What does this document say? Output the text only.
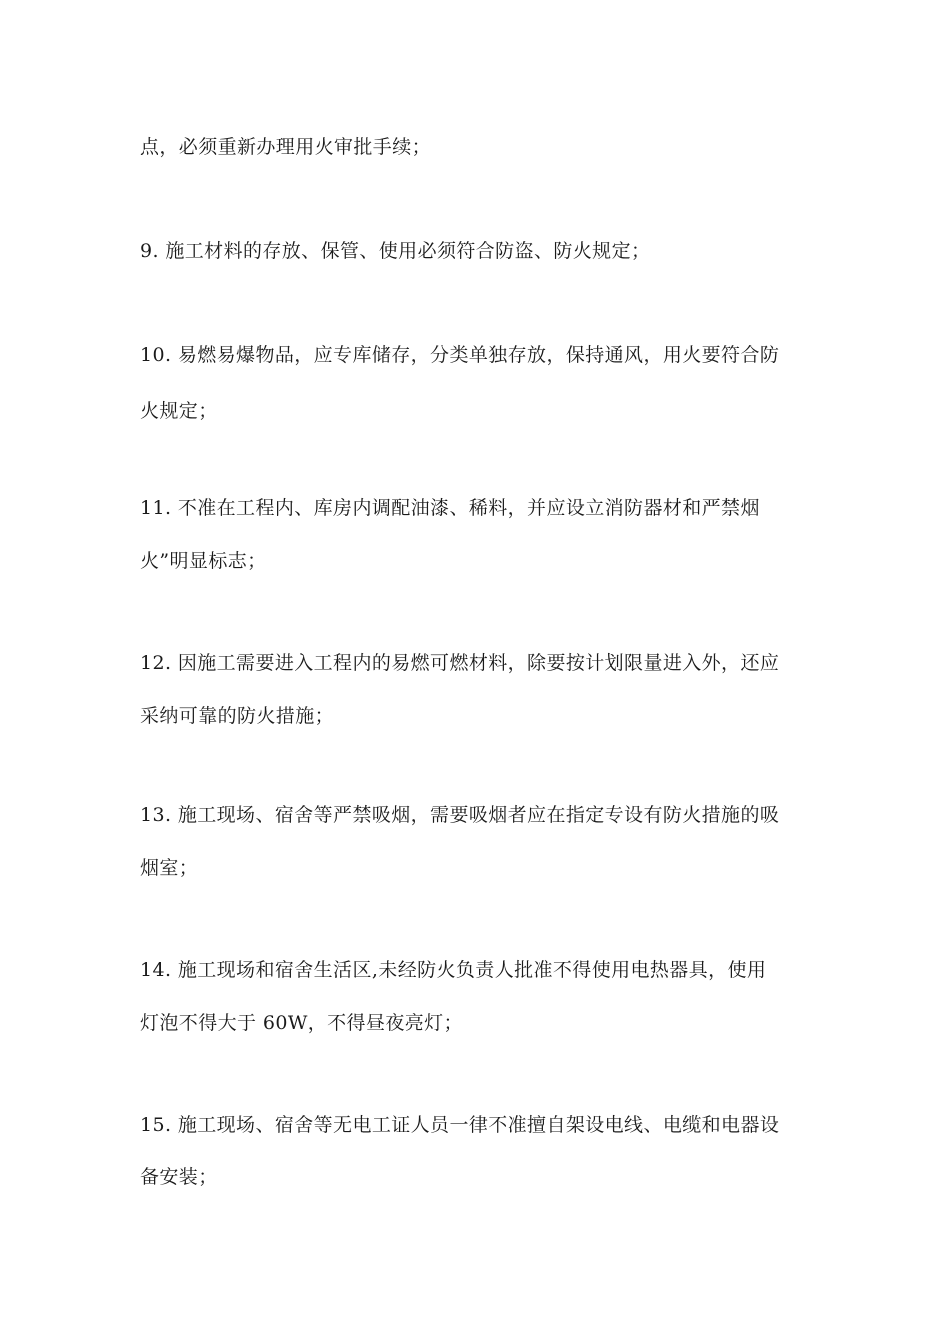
点，必须重新办理用火审批手续；
9. 施工材料的存放、保管、使用必须符合防盗、防火规定；
10. 易燃易爆物品，应专库储存，分类单独存放，保持通风，用火要符合防
火规定；
11. 不准在工程内、库房内调配油漆、稀料，并应设立消防器材和严禁烟
火”明显标志；
12. 因施工需要进入工程内的易燃可燃材料，除要按计划限量进入外，还应
采纳可靠的防火措施；
13. 施工现场、宿舍等严禁吸烟，需要吸烟者应在指定专设有防火措施的吸
烟室；
14. 施工现场和宿舍生活区,未经防火负责人批准不得使用电热器具，使用
灯泡不得大于 60W，不得昼夜亮灯；
15. 施工现场、宿舍等无电工证人员一律不准擅自架设电线、电缆和电器设
备安装；
